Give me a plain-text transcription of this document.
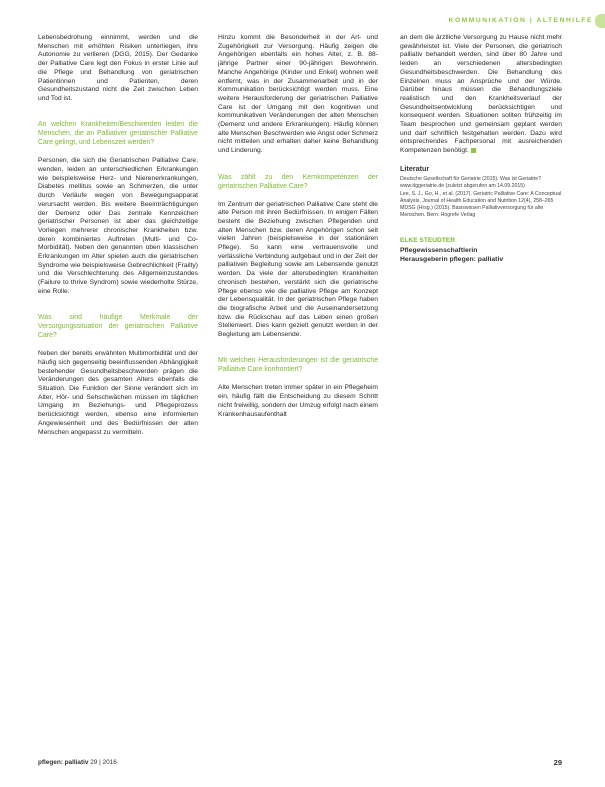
KOMMUNIKATION | ALTENHILFE

Lebensbedrohung einnimmt, werden und die Menschen mit erhöhten Risiken unterliegen, ihre Autonomie zu verlieren (DGG, 2015). Der Gedanke der Palliative Care legt den Fokus in erster Linie auf die Pflege und Behandlung von geriatrischen Patientinnen und Patienten, deren Gesundheitszustand nicht die Zeit zwischen Leben und Tod ist.

An welchen Krankheiten/Beschwerden leiden die Menschen, die an Palliativer geriatrischer Palliative Care gelingt, und Lebenszeit werden?

Personen, die sich die Geriatrischen Palliative Care, wenden, leiden an unterschiedlichen Erkrankungen wie beispielsweise Herz- und Nierenerkrankungen, Diabetes mellitus sowie an Schmerzen, die unter durch Verläufe wegen von Bewegungsapparat verursacht werden. Bis weitere Beeinträchtigungen der Demenz oder Das zentrale Kennzeichen geriatrischer Personen ist aber das gleichzeitige Vorliegen mehrerer chronischer Krankheiten bzw. deren kombiniertes Auftreten (Multi- und Co-Morbidität). Neben den genannten oben klassischen Erkrankungen im Alter spielen auch die geriatrischen Syndrome wie beispielsweise Gebrechlichkeit (Frailty) und die Verschlechterung des Allgemeinzustandes (Failure to thrive Syndrom) sowie wiederholte Stürze, eine Rolle.

Was sind häufige Merkmale der Versorgungssituation der geriatrischen Palliative Care?

Neben der bereits erwähnten Multimorbidität und der häufig sich gegenseitig beeinflussenden Abhängigkeit bestehender Gesundheitsbeschwerden prägen die Veränderungen des gesamten Alters ebenfalls die Situation. Die Funktion der Sinne verändert sich im Alter, Hör- und Sehschwächen müssen im täglichen Umgang im Beziehungs- und Pflegeprozess berücksichtigt werden, ebenso eine informierten Angewiesenheit und des Bedürfnissen der alten Menschen angepasst zu vermitteln.

Hinzu kommt die Besonderheit in der Art- und Zugehörigkeit zur Versorgung. Häufig zeigen die Angehörigen ebenfalls ein hohes Alter, z. B. 88-jährige Partner einer 90-jährigen Bewohnerin. Manche Angehörige (Kinder und Enkel) wohnen weit entfernt, was in der Zusammenarbeit und in der Kommunikation berücksichtigt werden muss. Eine weitere Herausforderung der geriatrischen Palliative Care ist der Umgang mit den kognitiven und kommunikativen Veränderungen der alten Menschen (Demenz und andere Erkrankungen). Häufig können alte Menschen Beschwerden wie Angst oder Schmerz nicht mitteilen und erhalten daher keine Behandlung und Linderung.

Was zählt zu den Kernkompetenzen der geriatrischen Palliative Care?

Im Zentrum der geriatrischen Palliative Care steht die alte Person mit ihren Bedürfnissen. In einigen Fällen besteht die Beziehung zwischen Pflegenden und alten Menschen bzw. deren Angehörigen schon seit vielen Jahren (beispielsweise in der stationären Pflege). So kann eine vertrauensvolle und verlässliche Verbindung aufgebaut und in der Zeit der palliativen Begleitung sowie am Lebensende genutzt werden. Da viele der altersbedingten Krankheiten chronisch bestehen, verstärkt sich die geriatrische Pflege ebenso wie die palliative Pflege am Konzept der Lebensqualität. In der geriatrischen Pflege haben die biografische Arbeit und die Auseinandersetzung bzw. die Rückschau auf das Leben einen großen Stellenwert. Dies kann gezielt genutzt werden in der Begleitung am Lebensende.

Mit welchen Herausforderungen ist die geriatrische Palliative Care konfrontiert?

Alte Menschen treten immer später in ein Pflegeheim ein, häufig fällt die Entscheidung zu diesem Schritt nicht freiwillig, sondern der Umzug erfolgt nach einem Krankenhausaufenthalt

an dem die ärztliche Versorgung zu Hause nicht mehr gewährleistet ist. Viele der Personen, die geriatrisch palliativ behandelt werden, sind über 80 Jahre und leiden an verschiedenen altersbedingten Gesundheitsbeschwerden. Die Behandlung des Einzelnen muss an Ansprüche und der Würde. Darüber hinaus müssen die Behandlungsziele realistisch und den Krankheitsverlauf der Gesundheitsentwicklung berücksichtigen und konsequent werden. Situationen sollten frühzeitig im Team besprochen und gemeinsam geplant werden und darf schriftlich festgehalten werden. Dazu wird entsprechendes Fachpersonal mit ausreichenden Kompetenzen benötigt.

Literatur
Deutsche Gesellschaft für Geriatrie (2015). Was ist Geriatrie? www.dggeriatrie.de (zuletzt abgerufen am 14.09.2015)
Lee, S. J., Go, H., et al. (2017). Geriatric Palliative Care: A Conceptual Analysis. Journal of Health Education and Nutrition 12(4), 258–265
MDSG (Hrsg.) (2015). Basiswissen Palliativversorgung für alte Menschen. Bern: Hogrefe Verlag
ELKE STEUDTER
Pflegewissenschaftlerin
Herausgeberin pflegen: palliativ
pflegen: palliativ 29 | 2016	29
